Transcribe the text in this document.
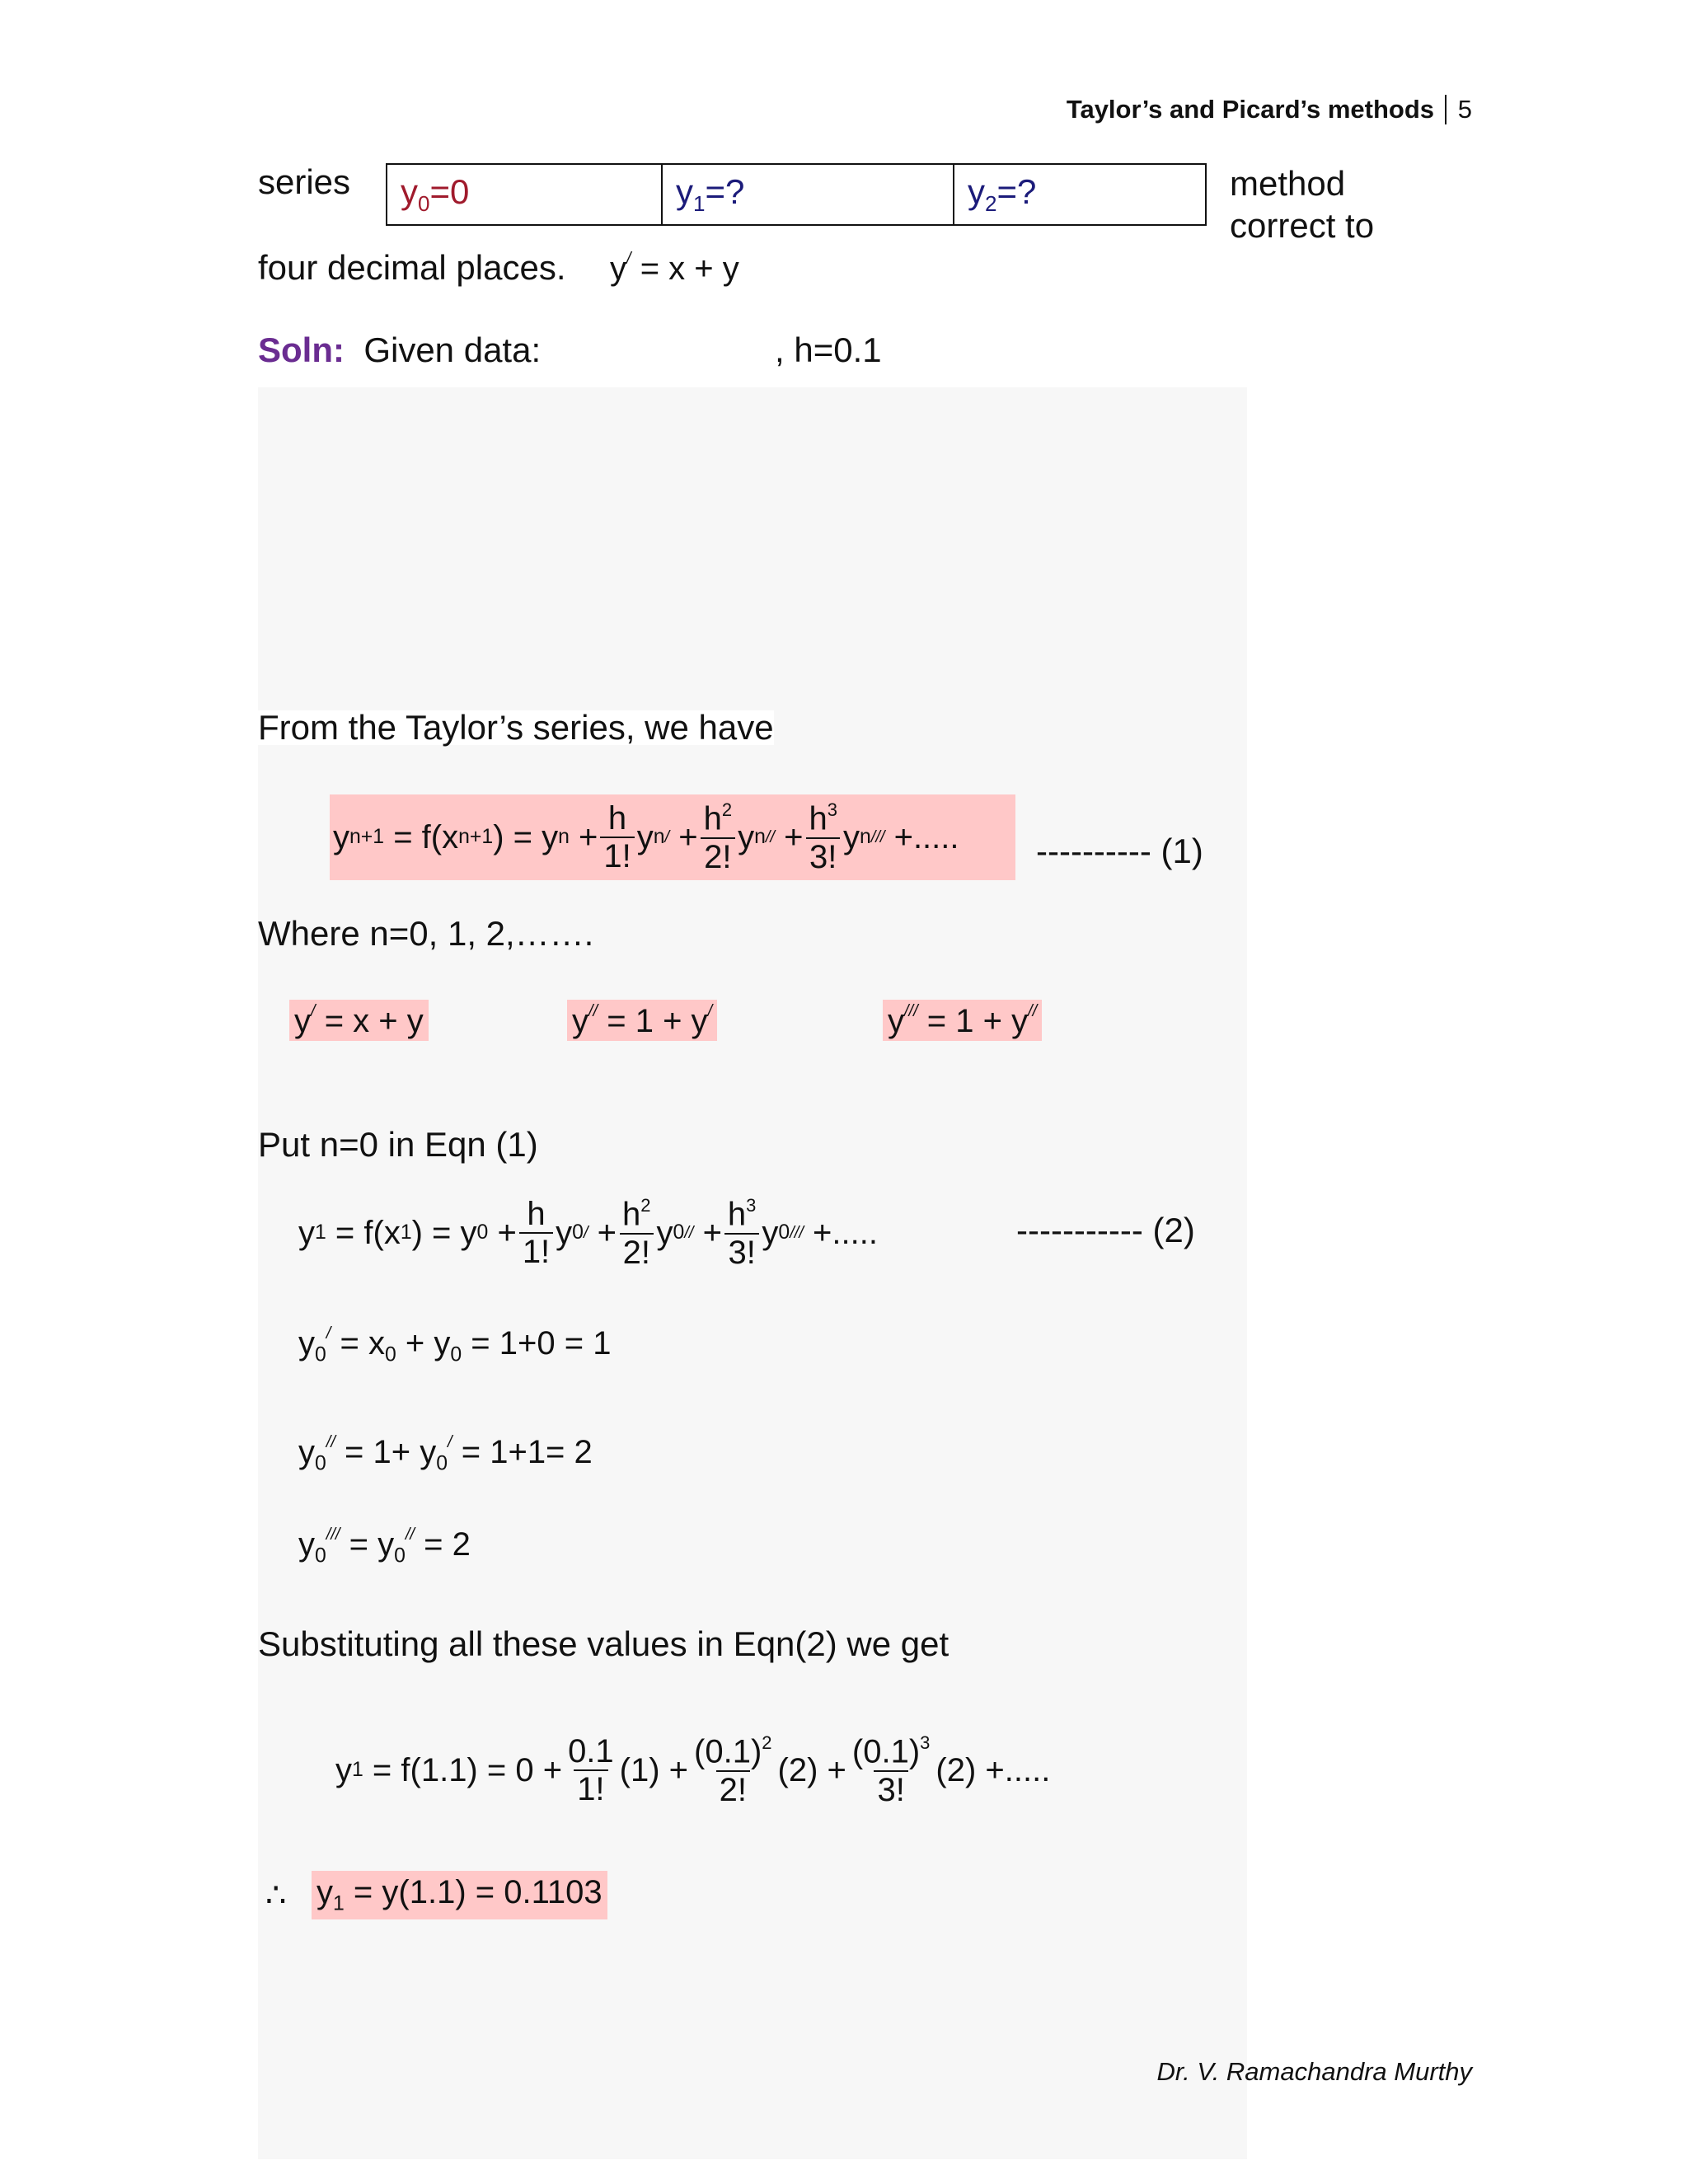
Taylor’s and Picard’s methods 5
series $y_0=0$	$y_1=$?	$y_2=$?	method
correct to
four decimal places. y/ = x + y
Soln: Given data:	, h=0.1
From the Taylor’s series, we have
y n+1
= f(x n+1 ) = y n
+ $\frac{h}{1!}$ y n /
+ $\frac{h^2}{2!}$ y n //
+ $\frac{h^3}{3!}$ y n ///
+..... ---------- (1)
Where n=0, 1, 2,…….
y/ = x + y	y// = 1 + y/	y/// = 1 + y//
Put n=0 in Eqn (1)
y 1
= f(x 1 ) = y 0
+ $\frac{h}{1!}$ y 0 /
+ $\frac{h^2}{2!}$ y 0 //
+ $\frac{h^3}{3!}$ y 0 ///
+.....	----------- (2)
$y_0^/ = x_0 + y_0 = 1+0 = 1$
$y_0^{//} = 1+ y_0^/ = 1+1= 2$
$y_0^{///} = y_0^{//} = 2$
Substituting all these values in Eqn(2) we get
y 1
= $f(1.1) = 0 + \frac{0.1}{1!} (1) + \frac{(0.1)^2}{2!} (2) + \frac{(0.1)^3}{3!} (2)$ +.....
∴ $y_1 = y(1.1) = 0.1103$
Dr. V. Ramachandra Murthy
